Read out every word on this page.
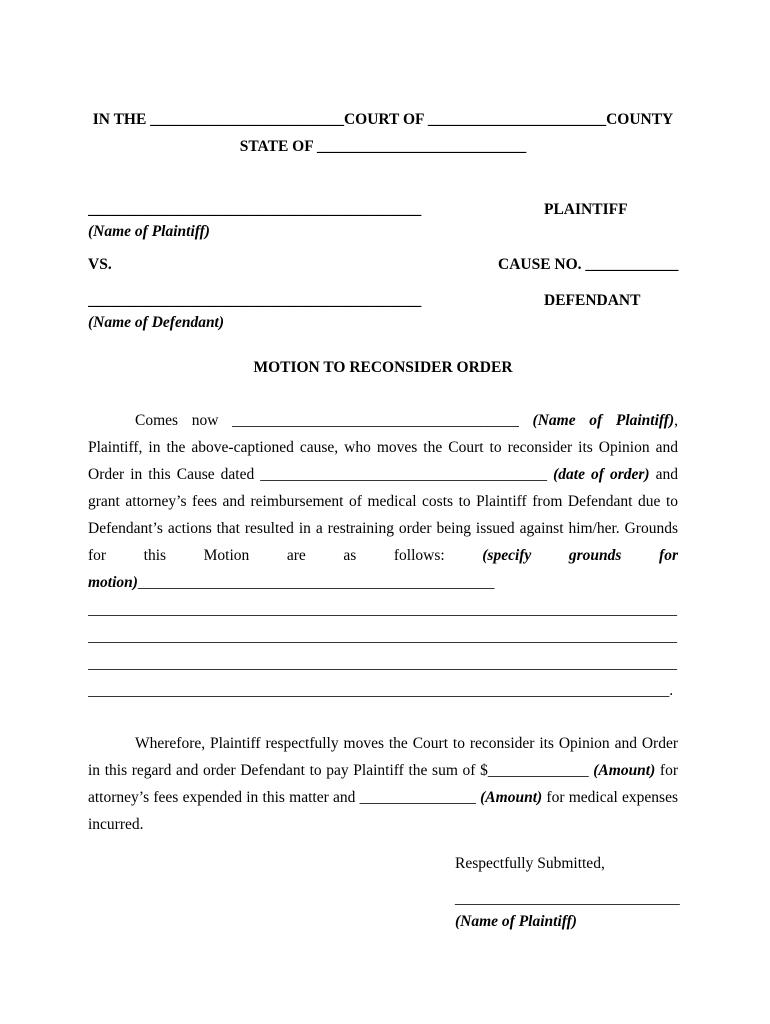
IN THE _________________________COURT OF _______________________COUNTY
STATE OF ___________________________
___________________________________________	PLAINTIFF
(Name of Plaintiff)
VS.	CAUSE NO. ____________
___________________________________________	DEFENDANT
(Name of Defendant)
MOTION TO RECONSIDER ORDER
Comes now _____________________________________ (Name of Plaintiff), Plaintiff, in the above-captioned cause, who moves the Court to reconsider its Opinion and Order in this Cause dated _____________________________________ (date of order) and grant attorney’s fees and reimbursement of medical costs to Plaintiff from Defendant due to Defendant’s actions that resulted in a restraining order being issued against him/her. Grounds for this Motion are as follows: (specify grounds for motion)______________________________________________
____________________________________________________________________________
____________________________________________________________________________
____________________________________________________________________________
___________________________________________________________________________.
Wherefore, Plaintiff respectfully moves the Court to reconsider its Opinion and Order in this regard and order Defendant to pay Plaintiff the sum of $_____________ (Amount) for attorney’s fees expended in this matter and _______________ (Amount) for medical expenses incurred.
Respectfully Submitted,
_____________________________
(Name of Plaintiff)
